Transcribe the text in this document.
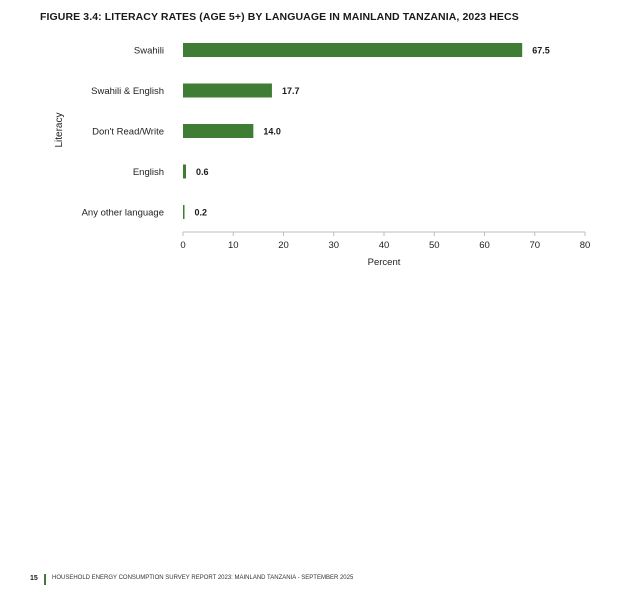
FIGURE 3.4: LITERACY RATES (AGE 5+) BY LANGUAGE IN MAINLAND TANZANIA, 2023 HECS
Swahili	67.5
Swahili & English	17.7
Don't Read/Write	14.0
English	0.6
Any other language	0.2
0	10	20	30	40	50	60	70	80
Percent
Literacy
15 HOUSEHOLD ENERGY CONSUMPTION SURVEY REPORT 2023: MAINLAND TANZANIA - SEPTEMBER 2025
